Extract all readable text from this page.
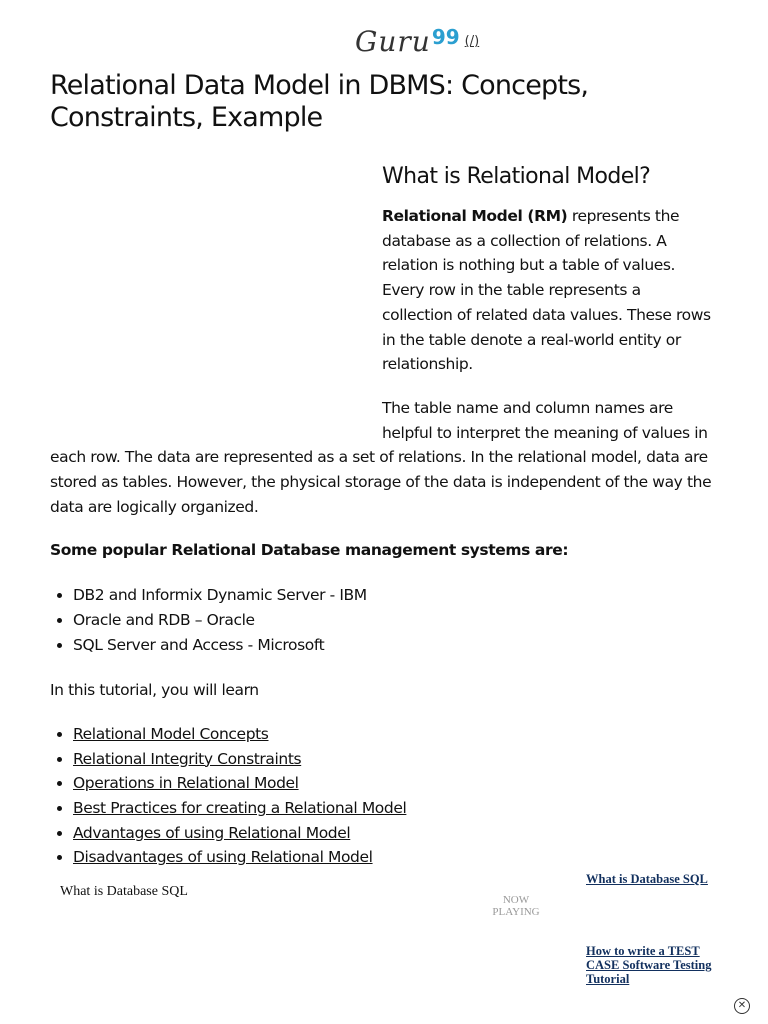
Guru 99 (/)
Relational Data Model in DBMS: Concepts, Constraints, Example
What is Relational Model?

Relational Model (RM) represents the database as a collection of relations. A relation is nothing but a table of values. Every row in the table represents a collection of related data values. These rows in the table denote a real-world entity or relationship.

The table name and column names are helpful to interpret the meaning of values in each row. The data are represented as a set of relations. In the relational model, data are stored as tables. However, the physical storage of the data is independent of the way the data are logically organized.

Some popular Relational Database management systems are:

• DB2 and Informix Dynamic Server - IBM
• Oracle and RDB – Oracle
• SQL Server and Access - Microsoft

In this tutorial, you will learn

• Relational Model Concepts
• Relational Integrity Constraints
• Operations in Relational Model
• Best Practices for creating a Relational Model
• Advantages of using Relational Model
• Disadvantages of using Relational Model
What is Database SQL
NOW PLAYING
What is Database SQL
How to write a TEST CASE Software Testing Tutorial
✕
